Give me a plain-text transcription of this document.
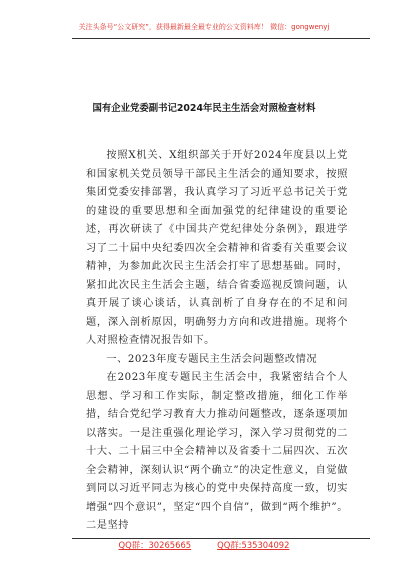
关注头条号“公文研究”，获得最新最全最专业的公文资料库！ 微信：gongwenyj
国有企业党委副书记2024年民主生活会对照检查材料

按照X机关、X组织部关于开好2024年度县以上党和国家机关党员领导干部民主生活会的通知要求，按照集团党委安排部署，我认真学习了习近平总书记关于党的建设的重要思想和全面加强党的纪律建设的重要论述，再次研读了《中国共产党纪律处分条例》，跟进学习了二十届中央纪委四次全会精神和省委有关重要会议精神，为参加此次民主生活会打牢了思想基础。同时，紧扣此次民主生活会主题，结合省委巡视反馈问题，认真开展了谈心谈话，认真剖析了自身存在的不足和问题，深入剖析原因，明确努力方向和改进措施。现将个人对照检查情况报告如下。

一、2023年度专题民主生活会问题整改情况

在2023年度专题民主生活会中，我紧密结合个人思想、学习和工作实际，制定整改措施，细化工作举措，结合党纪学习教育大力推动问题整改，逐条逐项加以落实。一是注重强化理论学习，深入学习贯彻党的二十大、二十届三中全会精神以及省委十二届四次、五次全会精神，深刻认识“两个确立”的决定性意义，自觉做到同以习近平同志为核心的党中央保持高度一致，切实增强“四个意识”，坚定“四个自信”，做到“两个维护”。二是坚持

QQ群：30265665	QQ群:535304092
